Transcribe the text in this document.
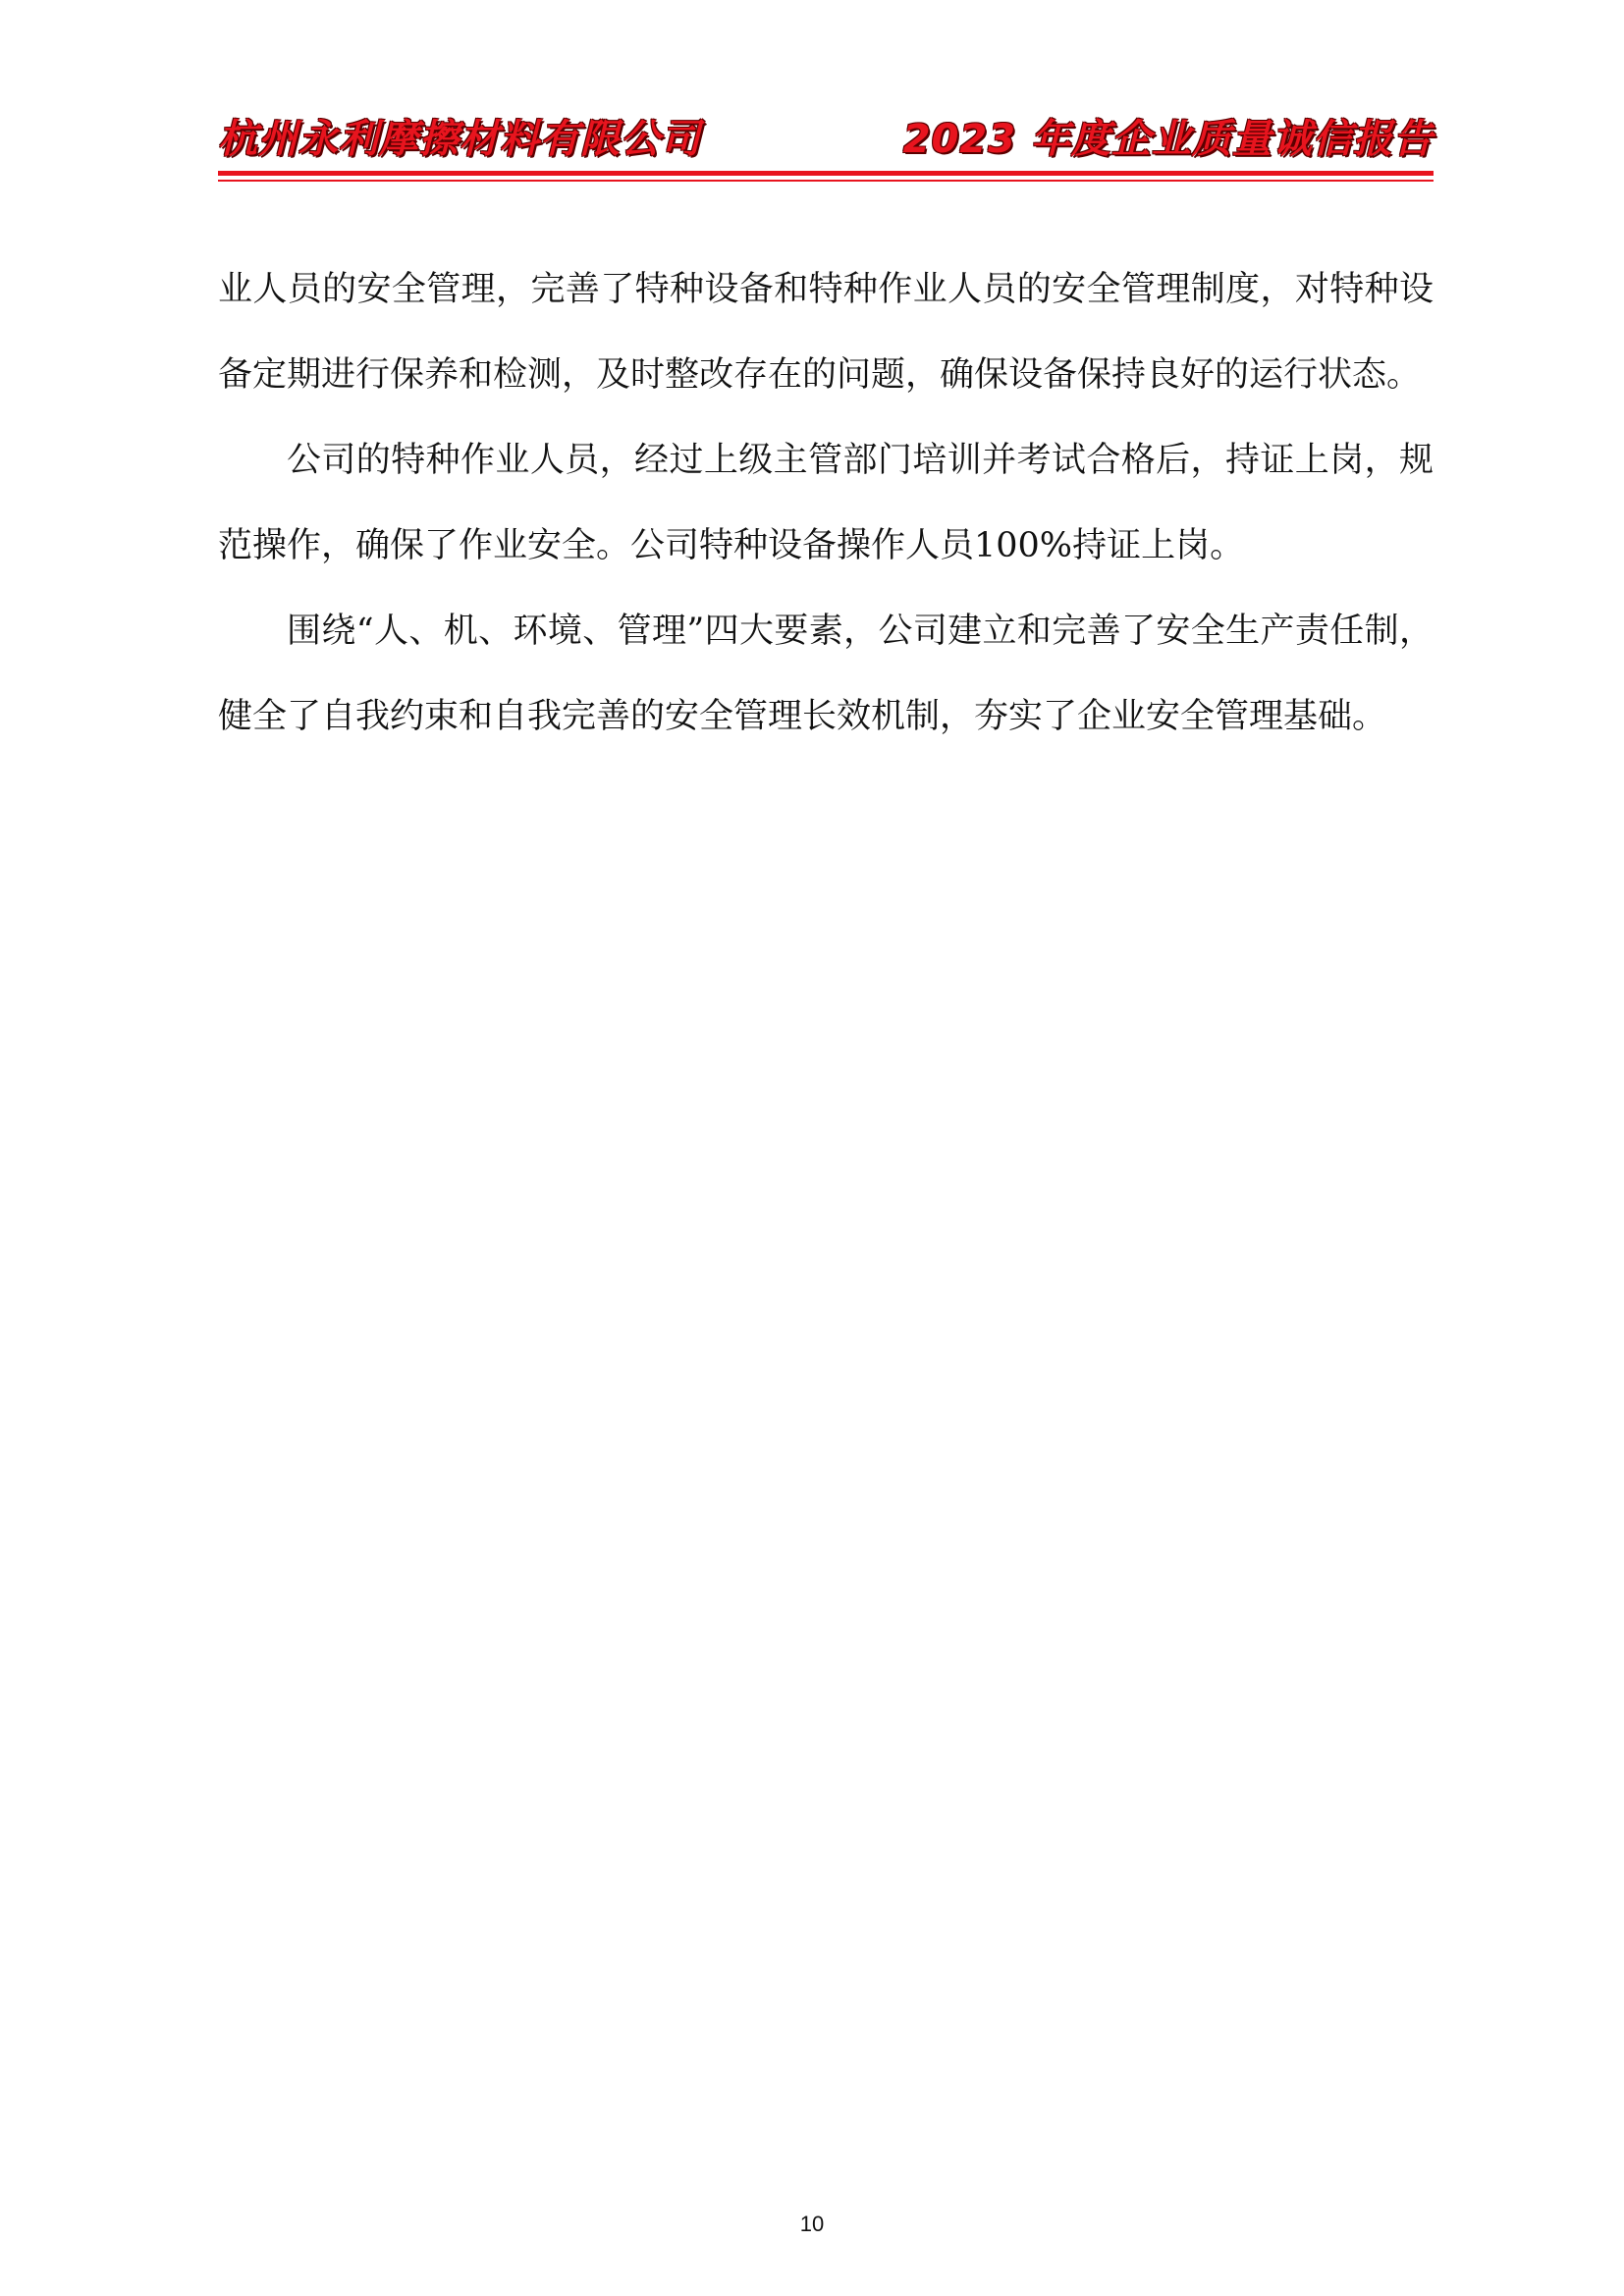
杭州永利摩擦材料有限公司	2023 年度企业质量诚信报告

业人员的安全管理，完善了特种设备和特种作业人员的安全管理制度，对特种设备定期进行保养和检测，及时整改存在的问题，确保设备保持良好的运行状态。

公司的特种作业人员，经过上级主管部门培训并考试合格后，持证上岗，规范操作，确保了作业安全。公司特种设备操作人员100%持证上岗。

围绕“人、机、环境、管理”四大要素，公司建立和完善了安全生产责任制，健全了自我约束和自我完善的安全管理长效机制，夯实了企业安全管理基础。

10
